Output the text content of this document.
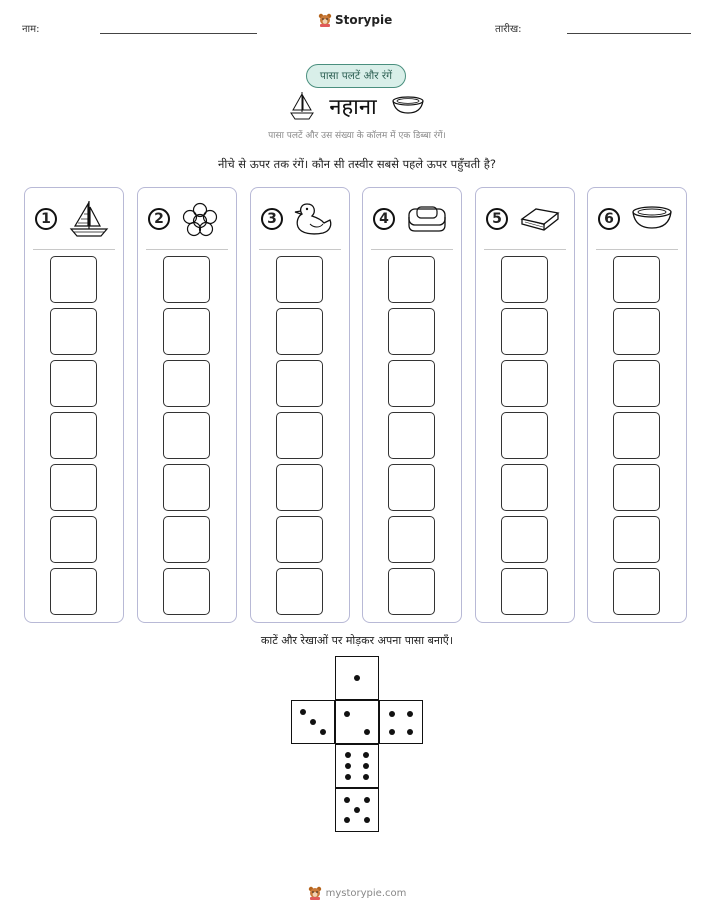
नाम:
Storypie
तारीख:
पासा पलटें और रंगें
नहाना
पासा पलटें और उस संख्या के कॉलम में एक डिब्बा रंगें।
नीचे से ऊपर तक रंगें। कौन सी तस्वीर सबसे पहले ऊपर पहुँचती है?
1	2	3	4	5	6
काटें और रेखाओं पर मोड़कर अपना पासा बनाएँ।
mystorypie.com
